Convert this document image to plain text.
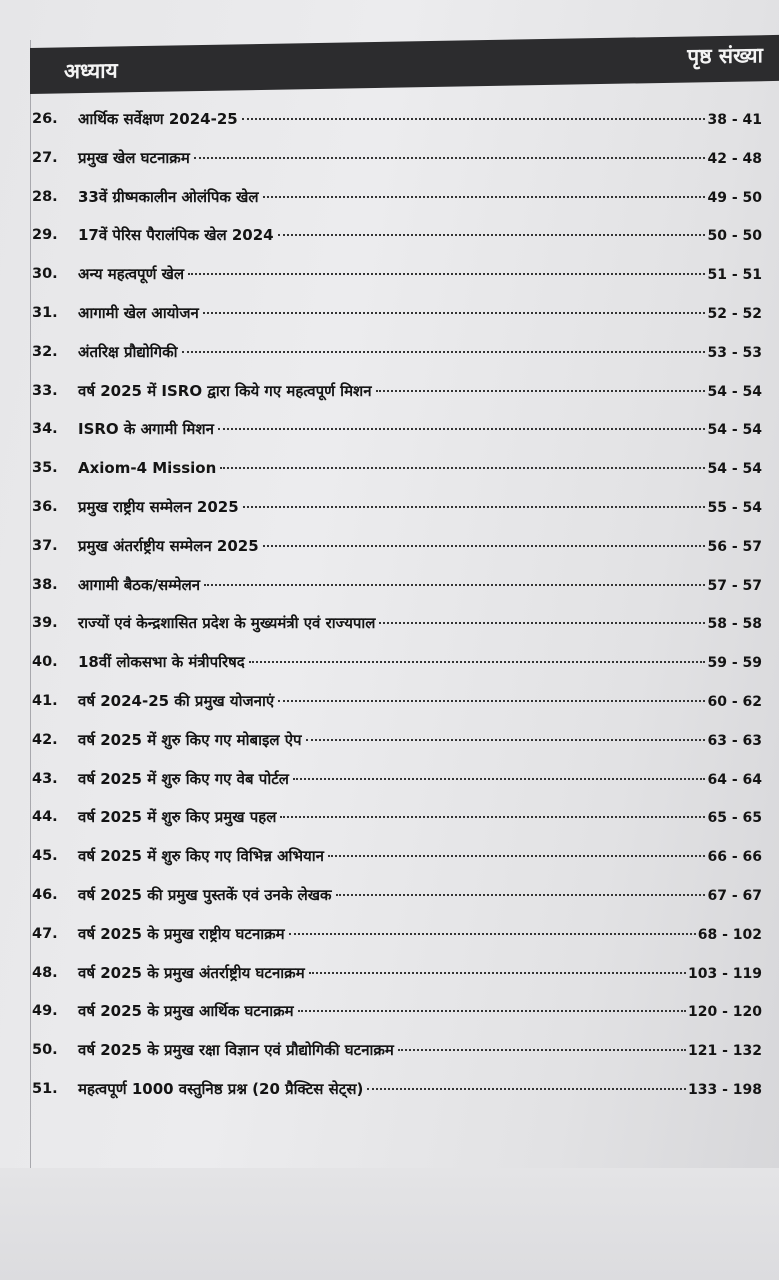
अध्याय
पृष्ठ संख्या
26.	आर्थिक सर्वेक्षण 2024-25	38 - 41
27.	प्रमुख खेल घटनाक्रम	42 - 48
28.	33वें ग्रीष्मकालीन ओलंपिक खेल	49 - 50
29.	17वें पेरिस पैरालंपिक खेल 2024	50 - 50
30.	अन्य महत्वपूर्ण खेल	51 - 51
31.	आगामी खेल आयोजन	52 - 52
32.	अंतरिक्ष प्रौद्योगिकी	53 - 53
33.	वर्ष 2025 में ISRO द्वारा किये गए महत्वपूर्ण मिशन	54 - 54
34.	ISRO के अगामी मिशन	54 - 54
35.	Axiom-4 Mission	54 - 54
36.	प्रमुख राष्ट्रीय सम्मेलन 2025	55 - 54
37.	प्रमुख अंतर्राष्ट्रीय सम्मेलन 2025	56 - 57
38.	आगामी बैठक/सम्मेलन	57 - 57
39.	राज्यों एवं केन्द्रशासित प्रदेश के मुख्यमंत्री एवं राज्यपाल	58 - 58
40.	18वीं लोकसभा के मंत्रीपरिषद	59 - 59
41.	वर्ष 2024-25 की प्रमुख योजनाएं	60 - 62
42.	वर्ष 2025 में शुरु किए गए मोबाइल ऐप	63 - 63
43.	वर्ष 2025 में शुरु किए गए वेब पोर्टल	64 - 64
44.	वर्ष 2025 में शुरु किए प्रमुख पहल	65 - 65
45.	वर्ष 2025 में शुरु किए गए विभिन्न अभियान	66 - 66
46.	वर्ष 2025 की प्रमुख पुस्तकें एवं उनके लेखक	67 - 67
47.	वर्ष 2025 के प्रमुख राष्ट्रीय घटनाक्रम	68 - 102
48.	वर्ष 2025 के प्रमुख अंतर्राष्ट्रीय घटनाक्रम	103 - 119
49.	वर्ष 2025 के प्रमुख आर्थिक घटनाक्रम	120 - 120
50.	वर्ष 2025 के प्रमुख रक्षा विज्ञान एवं प्रौद्योगिकी घटनाक्रम	121 - 132
51.	महत्वपूर्ण 1000 वस्तुनिष्ठ प्रश्न (20 प्रैक्टिस सेट्स)	133 - 198
